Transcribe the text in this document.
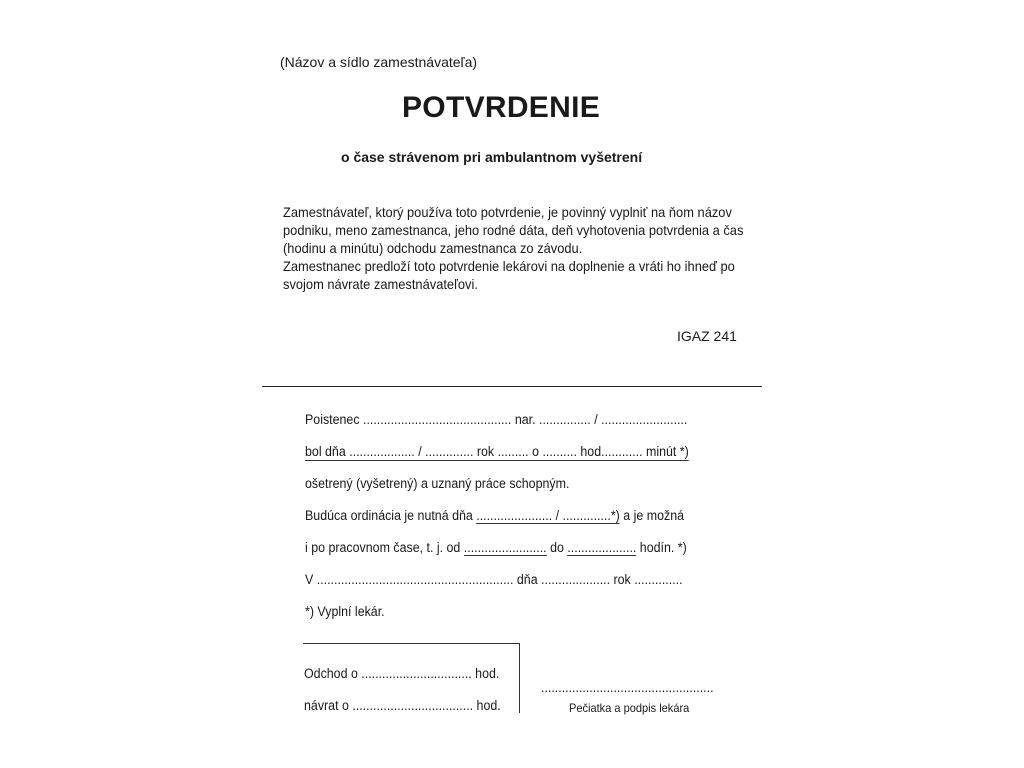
(Názov a sídlo zamestnávateľa)
POTVRDENIE
o čase strávenom pri ambulantnom vyšetrení
Zamestnávateľ, ktorý používa toto potvrdenie, je povinný vyplniť na ňom názov
podniku, meno zamestnanca, jeho rodné dáta, deň vyhotovenia potvrdenia a čas
(hodinu a minútu) odchodu zamestnanca zo závodu.
Zamestnanec predloží toto potvrdenie lekárovi na doplnenie a vráti ho ihneď po
svojom návrate zamestnávateľovi.
IGAZ 241
Poistenec ........................................... nar. ............... / .........................
bol dňa ................... / .............. rok ......... o .......... hod............ minút *)
ošetrený (vyšetrený) a uznaný práce schopným.
Budúca ordinácia je nutná dňa ...................... / ..............*) a je možná
i po pracovnom čase, t. j. od ........................ do .................... hodín. *)
V ......................................................... dňa .................... rok ..............
*) Vyplní lekár.
Odchod o ................................ hod.
návrat o ................................... hod.
..................................................
Pečiatka a podpis lekára
